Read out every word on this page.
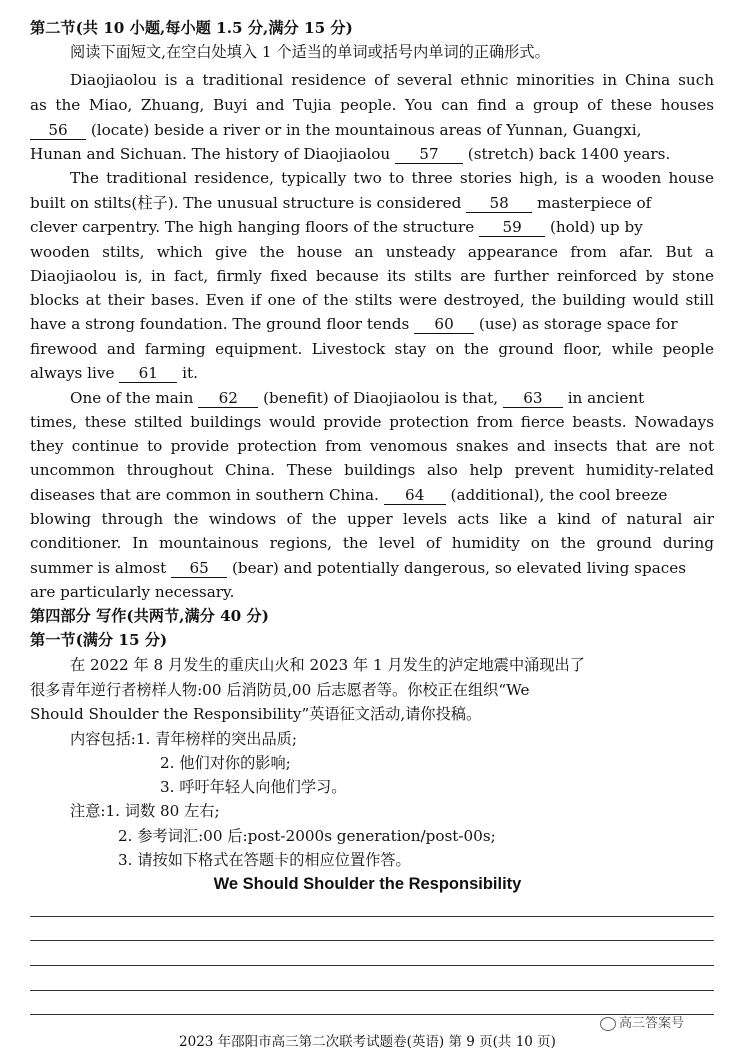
第二节(共 10 小题,每小题 1.5 分,满分 15 分)
阅读下面短文,在空白处填入 1 个适当的单词或括号内单词的正确形式。
Diaojiaolou is a traditional residence of several ethnic minorities in China such
as the Miao, Zhuang, Buyi and Tujia people. You can find a group of these houses
56 (locate) beside a river or in the mountainous areas of Yunnan, Guangxi,
Hunan and Sichuan. The history of Diaojiaolou 57 (stretch) back 1400 years.
The traditional residence, typically two to three stories high, is a wooden house
built on stilts(柱子). The unusual structure is considered 58 masterpiece of
clever carpentry. The high hanging floors of the structure 59 (hold) up by
wooden stilts, which give the house an unsteady appearance from afar. But a
Diaojiaolou is, in fact, firmly fixed because its stilts are further reinforced by stone
blocks at their bases. Even if one of the stilts were destroyed, the building would still
have a strong foundation. The ground floor tends 60 (use) as storage space for
firewood and farming equipment. Livestock stay on the ground floor, while people
always live 61 it.
One of the main 62 (benefit) of Diaojiaolou is that, 63 in ancient
times, these stilted buildings would provide protection from fierce beasts. Nowadays
they continue to provide protection from venomous snakes and insects that are not
uncommon throughout China. These buildings also help prevent humidity-related
diseases that are common in southern China. 64 (additional), the cool breeze
blowing through the windows of the upper levels acts like a kind of natural air
conditioner. In mountainous regions, the level of humidity on the ground during
summer is almost 65 (bear) and potentially dangerous, so elevated living spaces
are particularly necessary.
第四部分 写作(共两节,满分 40 分)
第一节(满分 15 分)
在 2022 年 8 月发生的重庆山火和 2023 年 1 月发生的泸定地震中涌现出了
很多青年逆行者榜样人物:00 后消防员,00 后志愿者等。你校正在组织“We
Should Shoulder the Responsibility”英语征文活动,请你投稿。
内容包括:1. 青年榜样的突出品质;
2. 他们对你的影响;
3. 呼吁年轻人向他们学习。
注意:1. 词数 80 左右;
2. 参考词汇:00 后:post-2000s generation/post-00s;
3. 请按如下格式在答题卡的相应位置作答。
We Should Shoulder the Responsibility
高三答案号
2023 年邵阳市高三第二次联考试题卷(英语) 第 9 页(共 10 页)
